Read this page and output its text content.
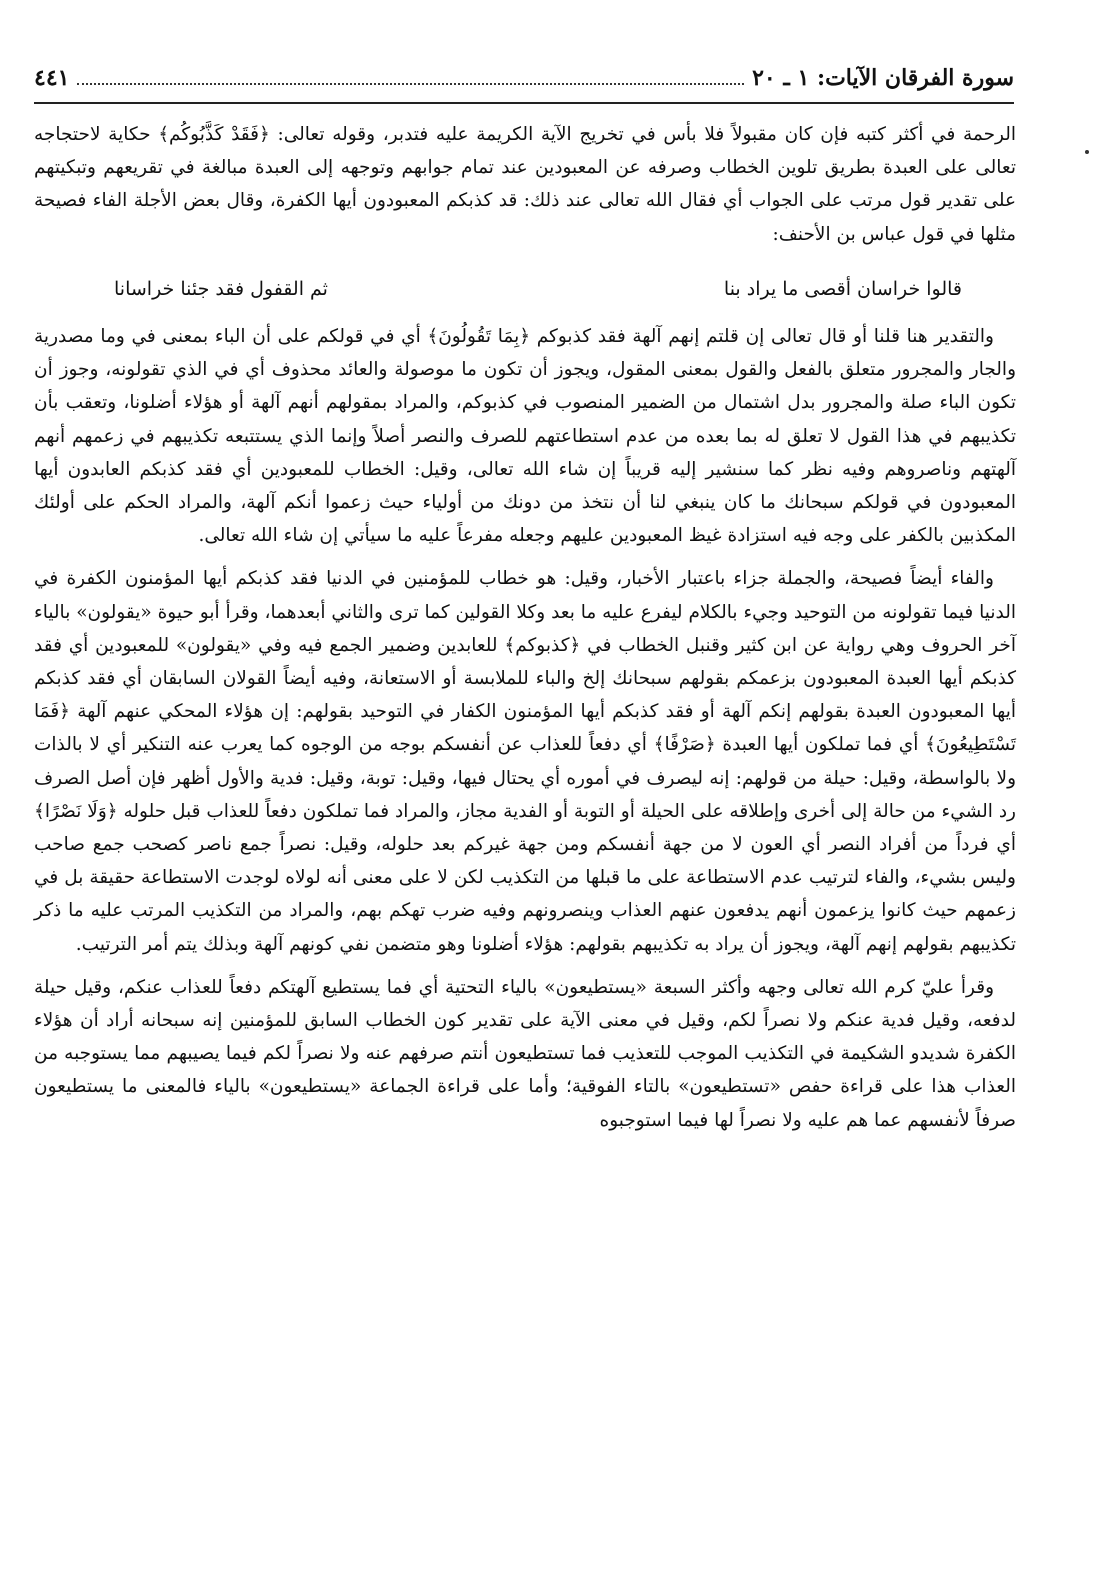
سورة الفرقان الآيات: ١ ـ ٢٠
٤٤١

الرحمة في أكثر كتبه فإن كان مقبولاً فلا بأس في تخريج الآية الكريمة عليه فتدبر، وقوله تعالى: ﴿فَقَدْ كَذَّبُوكُم﴾ حكاية لاحتجاجه تعالى على العبدة بطريق تلوين الخطاب وصرفه عن المعبودين عند تمام جوابهم وتوجهه إلى العبدة مبالغة في تقريعهم وتبكيتهم على تقدير قول مرتب على الجواب أي فقال الله تعالى عند ذلك: قد كذبكم المعبودون أيها الكفرة، وقال بعض الأجلة الفاء فصيحة مثلها في قول عباس بن الأحنف:

قالوا خراسان أقصى ما يراد بنا
ثم القفول فقد جئنا خراسانا

والتقدير هنا قلنا أو قال تعالى إن قلتم إنهم آلهة فقد كذبوكم ﴿بِمَا تَقُولُونَ﴾ أي في قولكم على أن الباء بمعنى في وما مصدرية والجار والمجرور متعلق بالفعل والقول بمعنى المقول، ويجوز أن تكون ما موصولة والعائد محذوف أي في الذي تقولونه، وجوز أن تكون الباء صلة والمجرور بدل اشتمال من الضمير المنصوب في كذبوكم، والمراد بمقولهم أنهم آلهة أو هؤلاء أضلونا، وتعقب بأن تكذيبهم في هذا القول لا تعلق له بما بعده من عدم استطاعتهم للصرف والنصر أصلاً وإنما الذي يستتبعه تكذيبهم في زعمهم أنهم آلهتهم وناصروهم وفيه نظر كما سنشير إليه قريباً إن شاء الله تعالى، وقيل: الخطاب للمعبودين أي فقد كذبكم العابدون أيها المعبودون في قولكم سبحانك ما كان ينبغي لنا أن نتخذ من دونك من أولياء حيث زعموا أنكم آلهة، والمراد الحكم على أولئك المكذبين بالكفر على وجه فيه استزادة غيظ المعبودين عليهم وجعله مفرعاً عليه ما سيأتي إن شاء الله تعالى.

والفاء أيضاً فصيحة، والجملة جزاء باعتبار الأخبار، وقيل: هو خطاب للمؤمنين في الدنيا فقد كذبكم أيها المؤمنون الكفرة في الدنيا فيما تقولونه من التوحيد وجيء بالكلام ليفرع عليه ما بعد وكلا القولين كما ترى والثاني أبعدهما، وقرأ أبو حيوة «يقولون» بالياء آخر الحروف وهي رواية عن ابن كثير وقنبل الخطاب في ﴿كذبوكم﴾ للعابدين وضمير الجمع فيه وفي «يقولون» للمعبودين أي فقد كذبكم أيها العبدة المعبودون بزعمكم بقولهم سبحانك إلخ والباء للملابسة أو الاستعانة، وفيه أيضاً القولان السابقان أي فقد كذبكم أيها المعبودون العبدة بقولهم إنكم آلهة أو فقد كذبكم أيها المؤمنون الكفار في التوحيد بقولهم: إن هؤلاء المحكي عنهم آلهة ﴿فَمَا تَسْتَطِيعُونَ﴾ أي فما تملكون أيها العبدة ﴿صَرْفًا﴾ أي دفعاً للعذاب عن أنفسكم بوجه من الوجوه كما يعرب عنه التنكير أي لا بالذات ولا بالواسطة، وقيل: حيلة من قولهم: إنه ليصرف في أموره أي يحتال فيها، وقيل: توبة، وقيل: فدية والأول أظهر فإن أصل الصرف رد الشيء من حالة إلى أخرى وإطلاقه على الحيلة أو التوبة أو الفدية مجاز، والمراد فما تملكون دفعاً للعذاب قبل حلوله ﴿وَلَا نَصْرًا﴾ أي فرداً من أفراد النصر أي العون لا من جهة أنفسكم ومن جهة غيركم بعد حلوله، وقيل: نصراً جمع ناصر كصحب جمع صاحب وليس بشيء، والفاء لترتيب عدم الاستطاعة على ما قبلها من التكذيب لكن لا على معنى أنه لولاه لوجدت الاستطاعة حقيقة بل في زعمهم حيث كانوا يزعمون أنهم يدفعون عنهم العذاب وينصرونهم وفيه ضرب تهكم بهم، والمراد من التكذيب المرتب عليه ما ذكر تكذيبهم بقولهم إنهم آلهة، ويجوز أن يراد به تكذيبهم بقولهم: هؤلاء أضلونا وهو متضمن نفي كونهم آلهة وبذلك يتم أمر الترتيب.

وقرأ عليّ كرم الله تعالى وجهه وأكثر السبعة «يستطيعون» بالياء التحتية أي فما يستطيع آلهتكم دفعاً للعذاب عنكم، وقيل حيلة لدفعه، وقيل فدية عنكم ولا نصراً لكم، وقيل في معنى الآية على تقدير كون الخطاب السابق للمؤمنين إنه سبحانه أراد أن هؤلاء الكفرة شديدو الشكيمة في التكذيب الموجب للتعذيب فما تستطيعون أنتم صرفهم عنه ولا نصراً لكم فيما يصيبهم مما يستوجبه من العذاب هذا على قراءة حفص «تستطيعون» بالتاء الفوقية؛ وأما على قراءة الجماعة «يستطيعون» بالياء فالمعنى ما يستطيعون صرفاً لأنفسهم عما هم عليه ولا نصراً لها فيما استوجبوه
